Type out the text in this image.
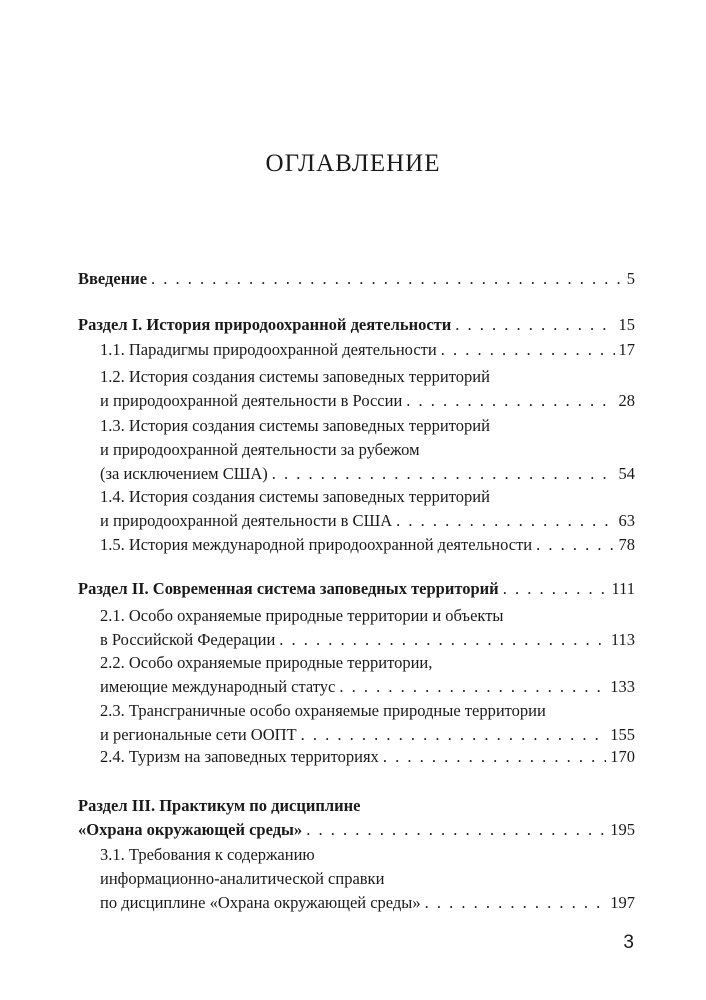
ОГЛАВЛЕНИЕ
Введение . . .	5
Раздел I. История природоохранной деятельности . . .	15
1.1. Парадигмы природоохранной деятельности . . .	17
1.2. История создания системы заповедных территорий
и природоохранной деятельности в России . . .	28
1.3. История создания системы заповедных территорий
и природоохранной деятельности за рубежом
(за исключением США) . . .	54
1.4. История создания системы заповедных территорий
и природоохранной деятельности в США . . .	63
1.5. История международной природоохранной деятельности . . .	78
Раздел II. Современная система заповедных территорий . . .	111
2.1. Особо охраняемые природные территории и объекты
в Российской Федерации . . .	113
2.2. Особо охраняемые природные территории,
имеющие международный статус . . .	133
2.3. Трансграничные особо охраняемые природные территории
и региональные сети ООПТ . . .	155
2.4. Туризм на заповедных территориях . . .	170
Раздел III. Практикум по дисциплине
«Охрана окружающей среды» . . .	195
3.1. Требования к содержанию
информационно-аналитической справки
по дисциплине «Охрана окружающей среды» . . .	197
3
